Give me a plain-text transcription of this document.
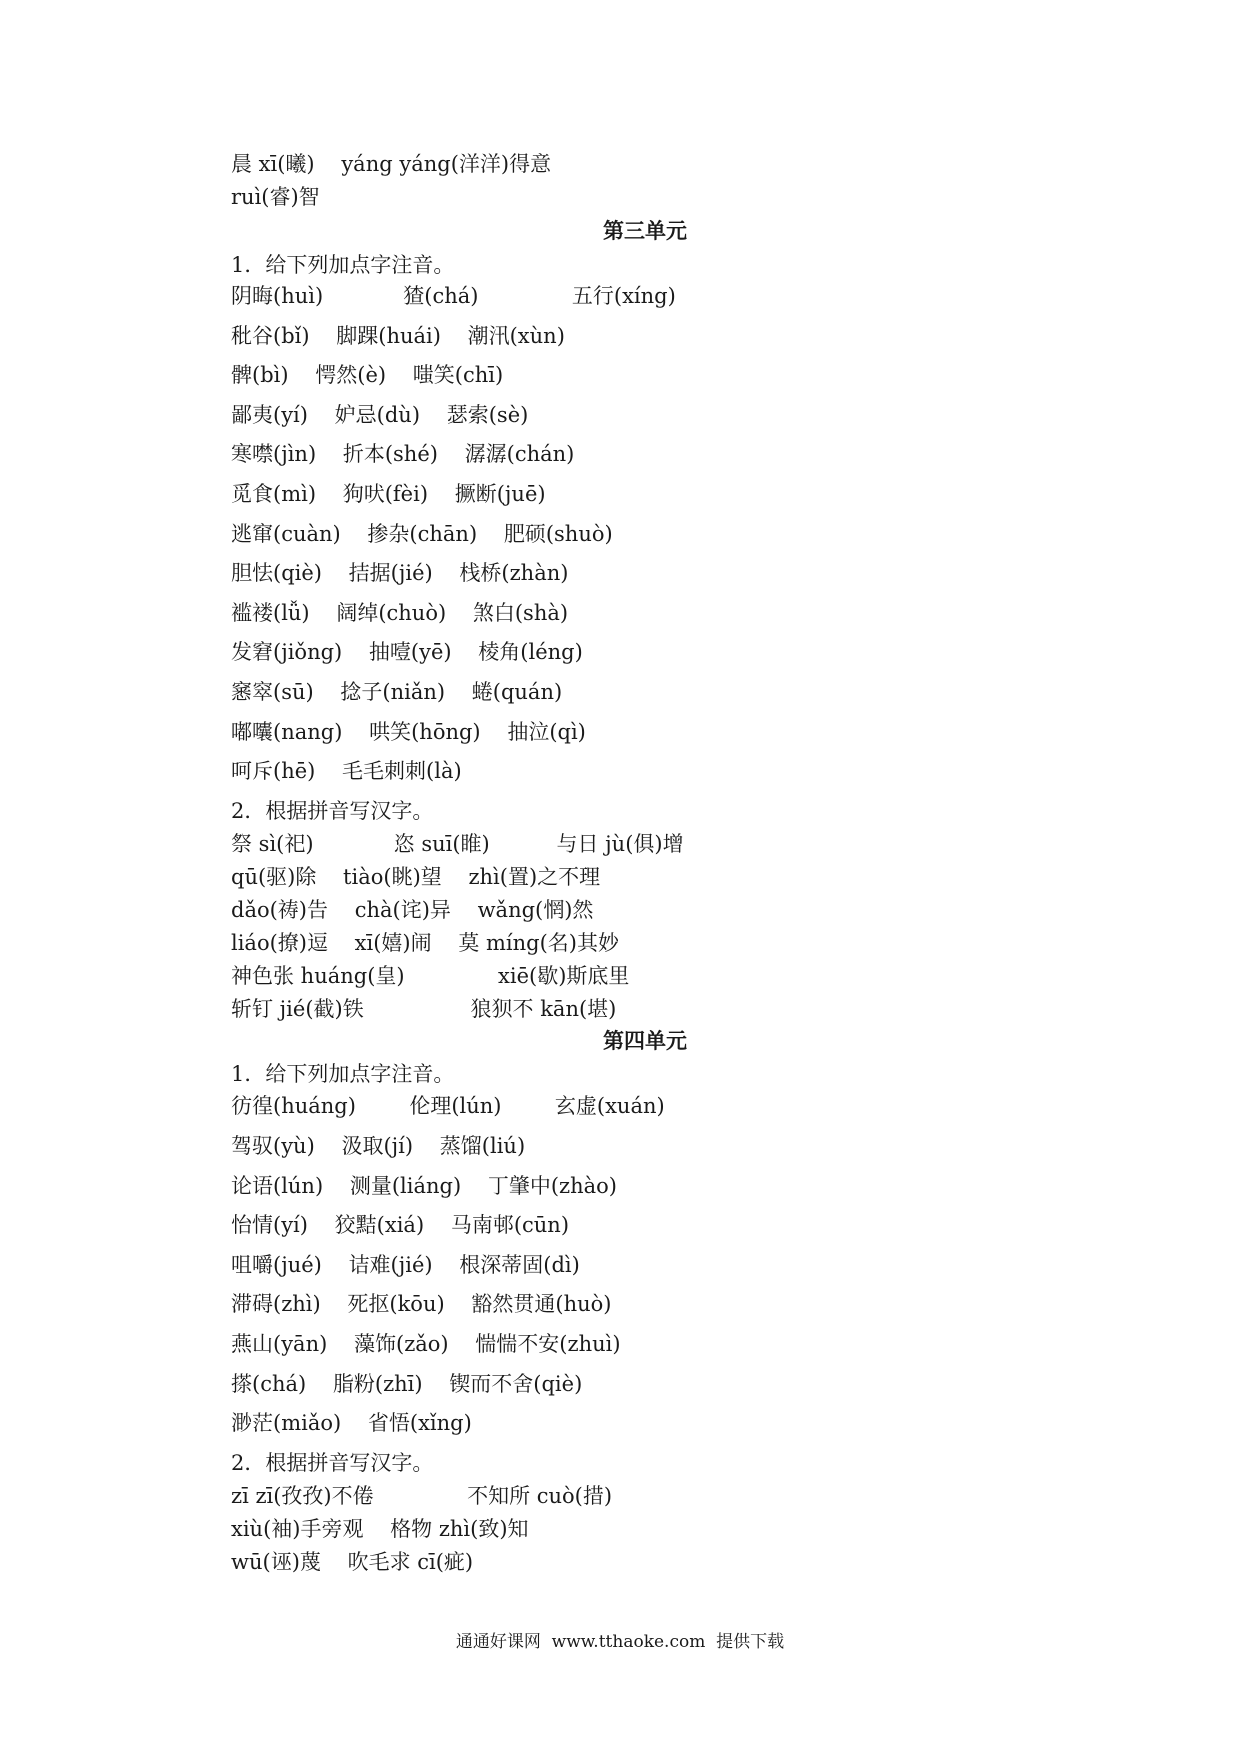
晨 xī(曦)    yáng yáng(洋洋)得意
ruì(睿)智
第三单元
1．给下列加点字注音。
阴晦(huì)            猹(chá)              五行(xíng)
秕谷(bǐ)    脚踝(huái)    潮汛(xùn)
髀(bì)    愕然(è)    嗤笑(chī)
鄙夷(yí)    妒忌(dù)    瑟索(sè)
寒噤(jìn)    折本(shé)    潺潺(chán)
觅食(mì)    狗吠(fèi)    撅断(juē)
逃窜(cuàn)    掺杂(chān)    肥硕(shuò)
胆怯(qiè)    拮据(jié)    栈桥(zhàn)
褴褛(lǚ)    阔绰(chuò)    煞白(shà)
发窘(jiǒng)    抽噎(yē)    棱角(léng)
窸窣(sū)    捻子(niǎn)    蜷(quán)
嘟囔(nang)    哄笑(hōng)    抽泣(qì)
呵斥(hē)    毛毛刺刺(là)
2．根据拼音写汉字。
祭 sì(祀)            恣 suī(睢)          与日 jù(俱)增
qū(驱)除    tiào(眺)望    zhì(置)之不理
dǎo(祷)告    chà(诧)异    wǎng(惘)然
liáo(撩)逗    xī(嬉)闹    莫 míng(名)其妙
神色张 huáng(皇)              xiē(歇)斯底里
斩钉 jié(截)铁                狼狈不 kān(堪)
第四单元
1．给下列加点字注音。
彷徨(huáng)        伦理(lún)        玄虚(xuán)
驾驭(yù)    汲取(jí)    蒸馏(liú)
论语(lún)    测量(liáng)    丁肇中(zhào)
怡情(yí)    狡黠(xiá)    马南邨(cūn)
咀嚼(jué)    诘难(jié)    根深蒂固(dì)
滞碍(zhì)    死抠(kōu)    豁然贯通(huò)
燕山(yān)    藻饰(zǎo)    惴惴不安(zhuì)
搽(chá)    脂粉(zhī)    锲而不舍(qiè)
渺茫(miǎo)    省悟(xǐng)
2．根据拼音写汉字。
zī zī(孜孜)不倦              不知所 cuò(措)
xiù(袖)手旁观    格物 zhì(致)知
wū(诬)蔑    吹毛求 cī(疵)
通通好课网  www.tthaoke.com  提供下载
